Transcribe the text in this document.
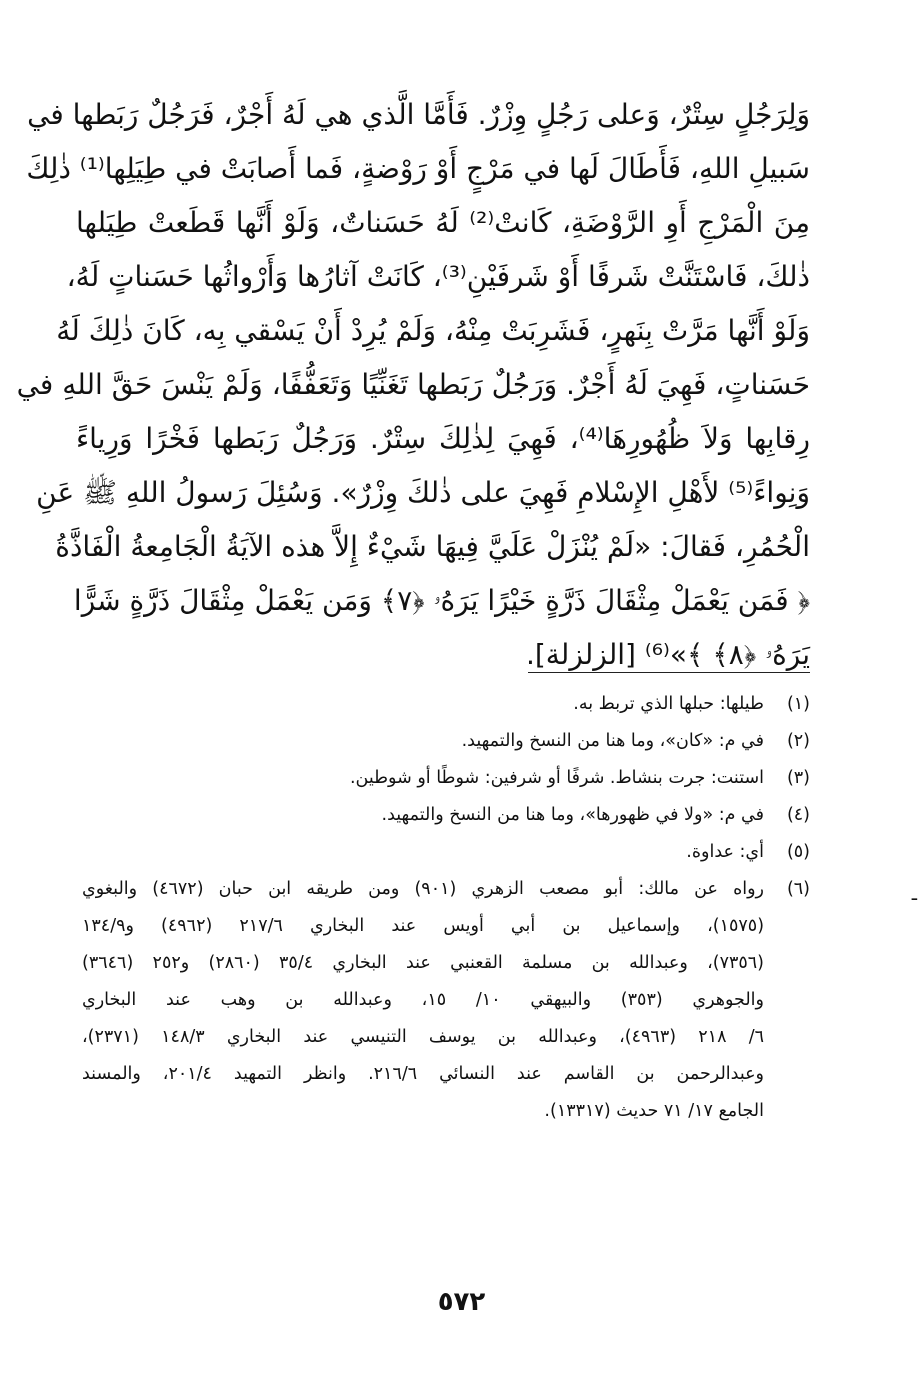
وَلِرَجُلٍ سِتْرٌ، وَعلى رَجُلٍ وِزْرٌ. فَأَمَّا الَّذي هي لَهُ أَجْرٌ، فَرَجُلٌ رَبَطها في
سَبيلِ اللهِ، فَأَطَالَ لَها في مَرْجٍ أَوْ رَوْضةٍ، فَما أَصابَتْ في طِيَلِها⁽¹⁾ ذٰلِكَ
مِنَ الْمَرْجِ أَوِ الرَّوْضَةِ، كَانتْ⁽²⁾ لَهُ حَسَناتٌ، وَلَوْ أَنَّها قَطَعتْ طِيَلها
ذٰلكَ، فَاسْتَنَّتْ شَرفًا أَوْ شَرفَيْنِ⁽³⁾، كَانَتْ آثارُها وَأَرْواثُها حَسَناتٍ لَهُ،
وَلَوْ أَنَّها مَرَّتْ بِنَهرٍ، فَشَرِبَتْ مِنْهُ، وَلَمْ يُرِدْ أَنْ يَسْقي بِه، كَانَ ذٰلِكَ لَهُ
حَسَناتٍ، فَهِيَ لَهُ أَجْرٌ. وَرَجُلٌ رَبَطها تَغَنِّيًا وَتَعَفُّفًا، وَلَمْ يَنْسَ حَقَّ اللهِ في
رِقابِها وَلاَ ظُهُورِهَا⁽⁴⁾، فَهِيَ لِذٰلِكَ سِتْرٌ. وَرَجُلٌ رَبَطها فَخْرًا وَرِياءً
وَنِواءً⁽⁵⁾ لأَهْلِ الإِسْلامِ فَهِيَ على ذٰلكَ وِزْرٌ». وَسُئِلَ رَسولُ اللهِ ﷺ عَنِ
الْحُمُرِ، فَقالَ: «لَمْ يُنْزَلْ عَلَيَّ فِيهَا شَيْءٌ إِلاَّ هذه الآيَةُ الْجَامِعةُ الْفَاذَّةُ
﴿ فَمَن يَعْمَلْ مِثْقَالَ ذَرَّةٍ خَيْرًا يَرَهُۥ ﴿٧﴾ وَمَن يَعْمَلْ مِثْقَالَ ذَرَّةٍ شَرًّا
يَرَهُۥ ﴿٨﴾ ﴾»⁽⁶⁾ [الزلزلة].
(١)
طيلها: حبلها الذي تربط به.
(٢)
في م: «كان»، وما هنا من النسخ والتمهيد.
(٣)
استنت: جرت بنشاط. شرفًا أو شرفين: شوطًا أو شوطين.
(٤)
في م: «ولا في ظهورها»، وما هنا من النسخ والتمهيد.
(٥)
أي: عداوة.
(٦)
رواه عن مالك: أبو مصعب الزهري (٩٠١) ومن طريقه ابن حبان (٤٦٧٢) والبغوي
(١٥٧٥)، وإسماعيل بن أبي أويس عند البخاري ٢١٧/٦ (٤٩٦٢) و١٣٤/٩
(٧٣٥٦)، وعبدالله بن مسلمة القعنبي عند البخاري ٣٥/٤ (٢٨٦٠) و٢٥٢ (٣٦٤٦)
والجوهري (٣٥٣) والبيهقي ١٠/ ١٥، وعبدالله بن وهب عند البخاري
٦/ ٢١٨ (٤٩٦٣)، وعبدالله بن يوسف التنيسي عند البخاري ١٤٨/٣ (٢٣٧١)،
وعبدالرحمن بن القاسم عند النسائي ٢١٦/٦. وانظر التمهيد ٢٠١/٤، والمسند
الجامع ١٧/ ٧١ حديث (١٣٣١٧).
ـ
٥٧٢
